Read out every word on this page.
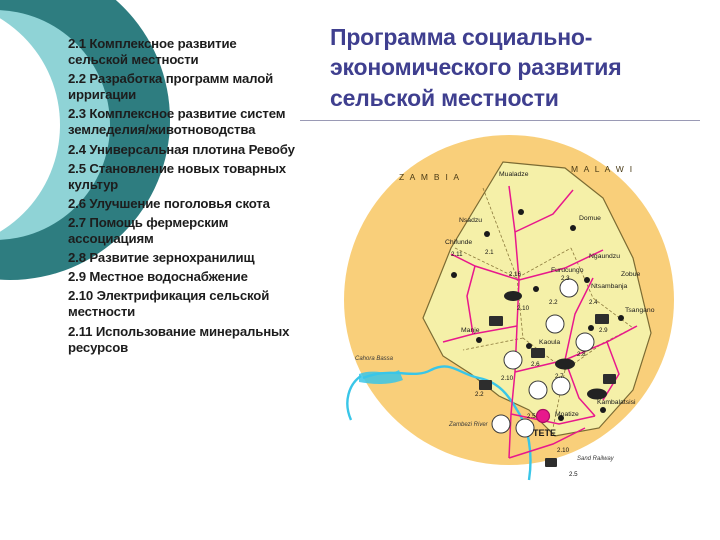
Программа социально-
экономического развития
сельской местности
2.1 Комплексное развитие сельской местности
2.2 Разработка программ малой ирригации
2.3 Комплексное развитие систем земледелия/животноводства
2.4 Универсальная плотина Ревобу
2.5 Становление новых товарных культур
2.6 Улучшение поголовья скота
2.7 Помощь фермерским ассоциациям
2.8 Развитие зернохранилищ
2.9 Местное водоснабжение
2.10 Электрификация сельской местности
2.11 Использование минеральных ресурсов
Z A M B I A
M A L A W I
Mualadze
Nsadzu
Chifunde
Domue
Furucungo
Ngaundzu
Ntsambanja
Tsangano
Zobue
Kaoula
Manje
Moatize
Kambalatsisi
TETE
Cahora Bassa
Zambezi River
Sand Railway
2.11	2.1
2.16
2.10
2.2
2.3
2.4
2.6
2.7
2.8
2.9
2.10
2.5
2.2
2.10
2.5
